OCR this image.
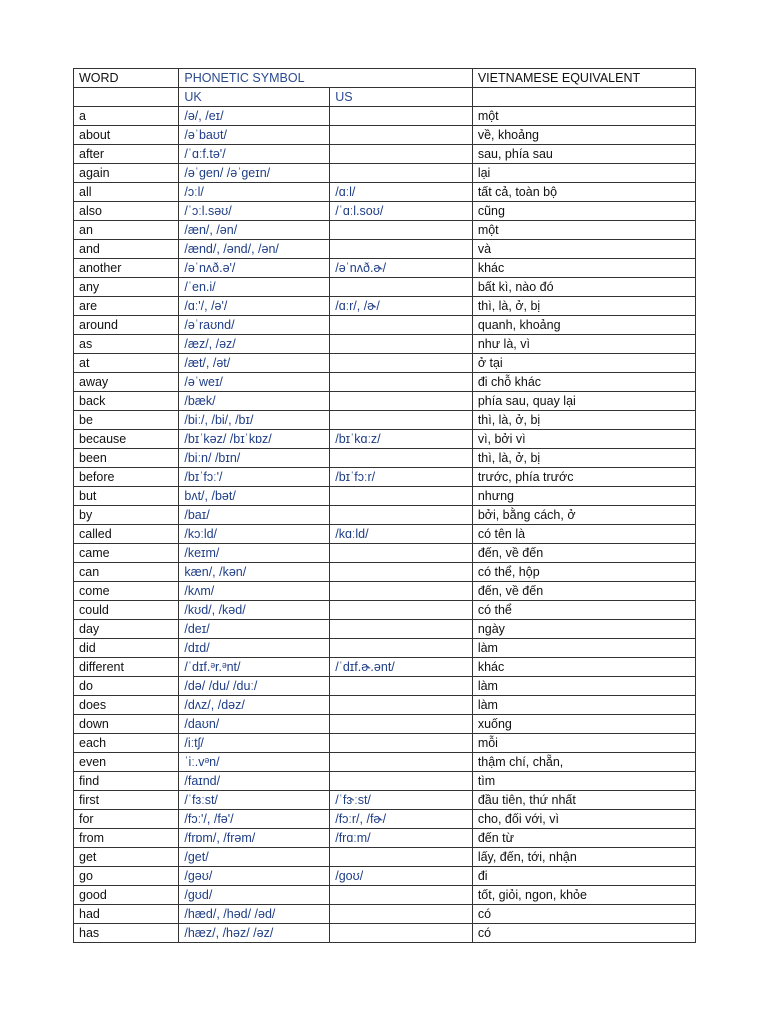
WORD	PHONETIC SYMBOL		VIETNAMESE EQUIVALENT
	UK	US	
a	/ə/, /eɪ/		một
about	/əˈbaʊt/		về, khoảng
after	/ˈɑːf.tə'/		sau, phía sau
again	/əˈgen/ /əˈgeɪn/		lại
all	/ɔːl/	/ɑːl/	tất cả, toàn bộ
also	/ˈɔːl.səʊ/	/ˈɑːl.soʊ/	cũng
an	/æn/, /ən/		một
and	/ænd/, /ənd/, /ən/		và
another	/əˈnʌð.ə'/	/əˈnʌð.ɚ/	khác
any	/ˈen.i/		bất kì, nào đó
are	/ɑː'/, /ə'/	/ɑːr/, /ɚ/	thì, là, ở, bị
around	/əˈraʊnd/		quanh, khoảng
as	/æz/, /əz/		như là, vì
at	/æt/, /ət/		ở tại
away	/əˈweɪ/		đi chỗ khác
back	/bæk/		phía sau, quay lại
be	/biː/, /bi/, /bɪ/		thì, là, ở, bị
because	/bɪˈkəz/ /bɪˈkɒz/	/bɪˈkɑːz/	vì, bởi vì
been	/biːn/ /bɪn/		thì, là, ở, bị
before	/bɪˈfɔː'/	/bɪˈfɔːr/	trước, phía trước
but	bʌt/, /bət/		nhưng
by	/baɪ/		bởi, bằng cách, ở
called	/kɔːld/	/kɑːld/	có tên là
came	/keɪm/		đến, về đến
can	kæn/, /kən/		có thể, hộp
come	/kʌm/		đến, về đến
could	/kʊd/, /kəd/		có thể
day	/deɪ/		ngày
did	/dɪd/		làm
different	/ˈdɪf.ᵊr.ᵊnt/	/ˈdɪf.ɚ.ənt/	khác
do	/də/ /du/ /duː/		làm
does	/dʌz/, /dəz/		làm
down	/daʊn/		xuống
each	/iːtʃ/		mỗi
even	ˈiː.vᵊn/		thậm chí, chẵn,
find	/faɪnd/		tìm
first	/ˈfɜːst/	/ˈfɝːst/	đầu tiên, thứ nhất
for	/fɔː'/, /fə'/	/fɔːr/, /fɚ/	cho, đối với, vì
from	/frɒm/, /frəm/	/frɑːm/	đến từ
get	/get/		lấy, đến, tới, nhận
go	/gəʊ/	/goʊ/	đi
good	/gʊd/		tốt, giỏi, ngon, khỏe
had	/hæd/, /həd/ /əd/		có
has	/hæz/, /həz/ /əz/		có
